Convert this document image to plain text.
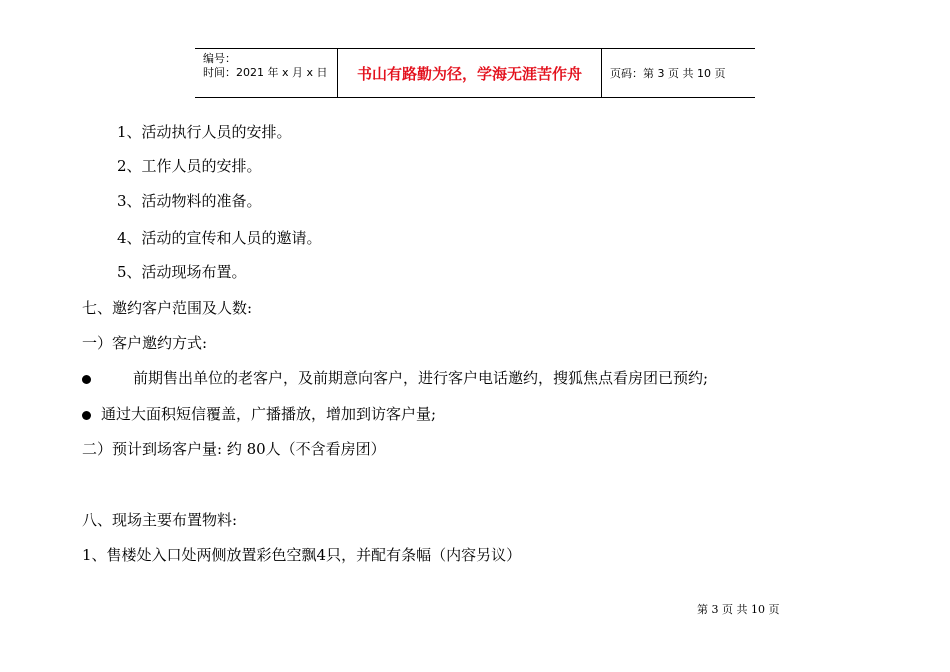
编号：
时间：2021 年 x 月 x 日	书山有路勤为径，学海无涯苦作舟	页码：第 3 页 共 10 页
1、活动执行人员的安排。
2、工作人员的安排。
3、活动物料的准备。
4、活动的宣传和人员的邀请。
5、活动现场布置。
七、邀约客户范围及人数:
一）客户邀约方式:
前期售出单位的老客户，及前期意向客户，进行客户电话邀约，搜狐焦点看房团已预约;
通过大面积短信覆盖，广播播放，增加到访客户量;
二）预计到场客户量: 约 80人（不含看房团）
八、现场主要布置物料:
1、售楼处入口处两侧放置彩色空飘4只，并配有条幅（内容另议）
第 3 页 共 10 页
